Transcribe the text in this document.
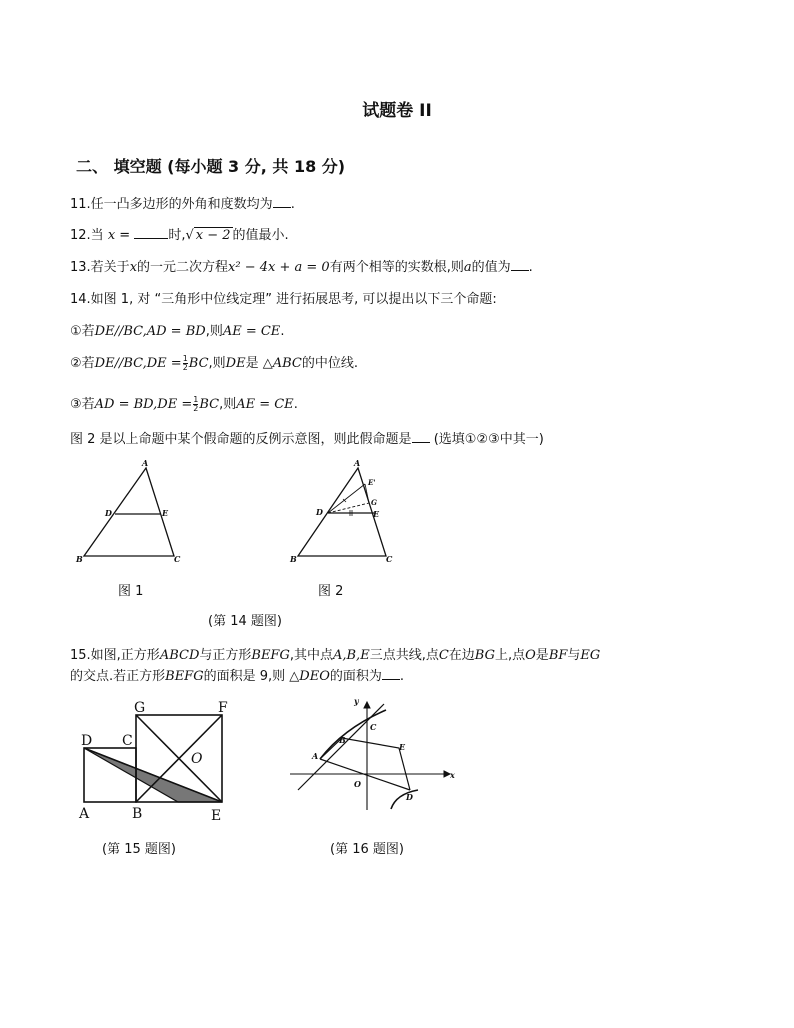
试题卷 II
二、 填空题 (每小题 3 分, 共 18 分)
11.任一凸多边形的外角和度数均为 .
12.当 x =	时,√ x − 2 的值最小.
13.若关于x的一元二次方程x² − 4x + a = 0有两个相等的实数根,则a的值为 .
14.如图 1, 对 “三角形中位线定理” 进行拓展思考, 可以提出以下三个命题:
①若DE//BC,AD = BD,则AE = CE.
②若$DE//BC,DE = \frac{1}{2}$ BC,则DE是 △ABC的中位线.
③若AD = $BD,DE = \frac{1}{2}$ BC,则AE = CE.
图 2 是以上命题中某个假命题的反例示意图，则此假命题是 (选填①②③中其一)
A
B	C
D	E
图 1
A
B	C
D	E
E'
G
图 2
(第 14 题图)
15.如图,正方形ABCD与正方形BEFG,其中点A,B,E三点共线,点C在边BG上,点O是BF与EG
的交点.若正方形BEFG的面积是 9,则 △DEO的面积为 .
G	F
D C
O
A	B	E
(第 15 题图)
y
x
O
A
B
C
D
E
(第 16 题图)
